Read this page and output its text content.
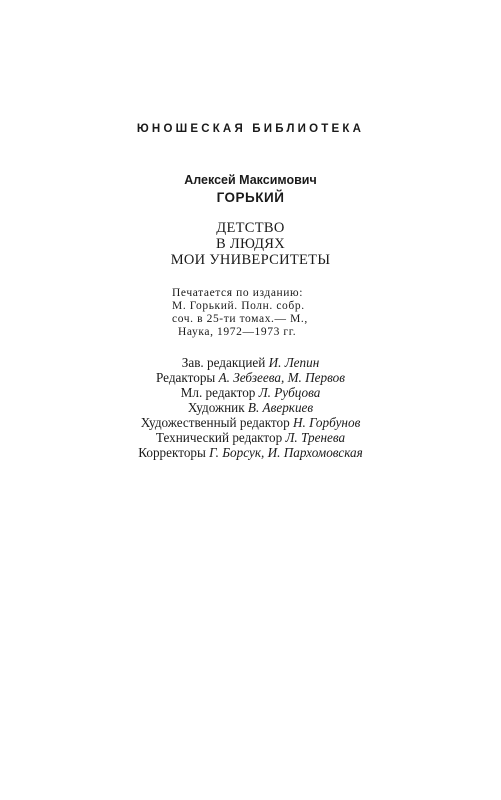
ЮНОШЕСКАЯ БИБЛИОТЕКА
Алексей Максимович
ГОРЬКИЙ
ДЕТСТВО
В ЛЮДЯХ
МОИ УНИВЕРСИТЕТЫ
Печатается по изданию:
М. Горький. Полн. собр.
соч. в 25-ти томах.— М.,
Наука, 1972—1973 гг.
Зав. редакцией И. Лепин
Редакторы А. Зебзеева, М. Первов
Мл. редактор Л. Рубцова
Художник В. Аверкиев
Художественный редактор Н. Горбунов
Технический редактор Л. Тренева
Корректоры Г. Борсук, И. Пархомовская
